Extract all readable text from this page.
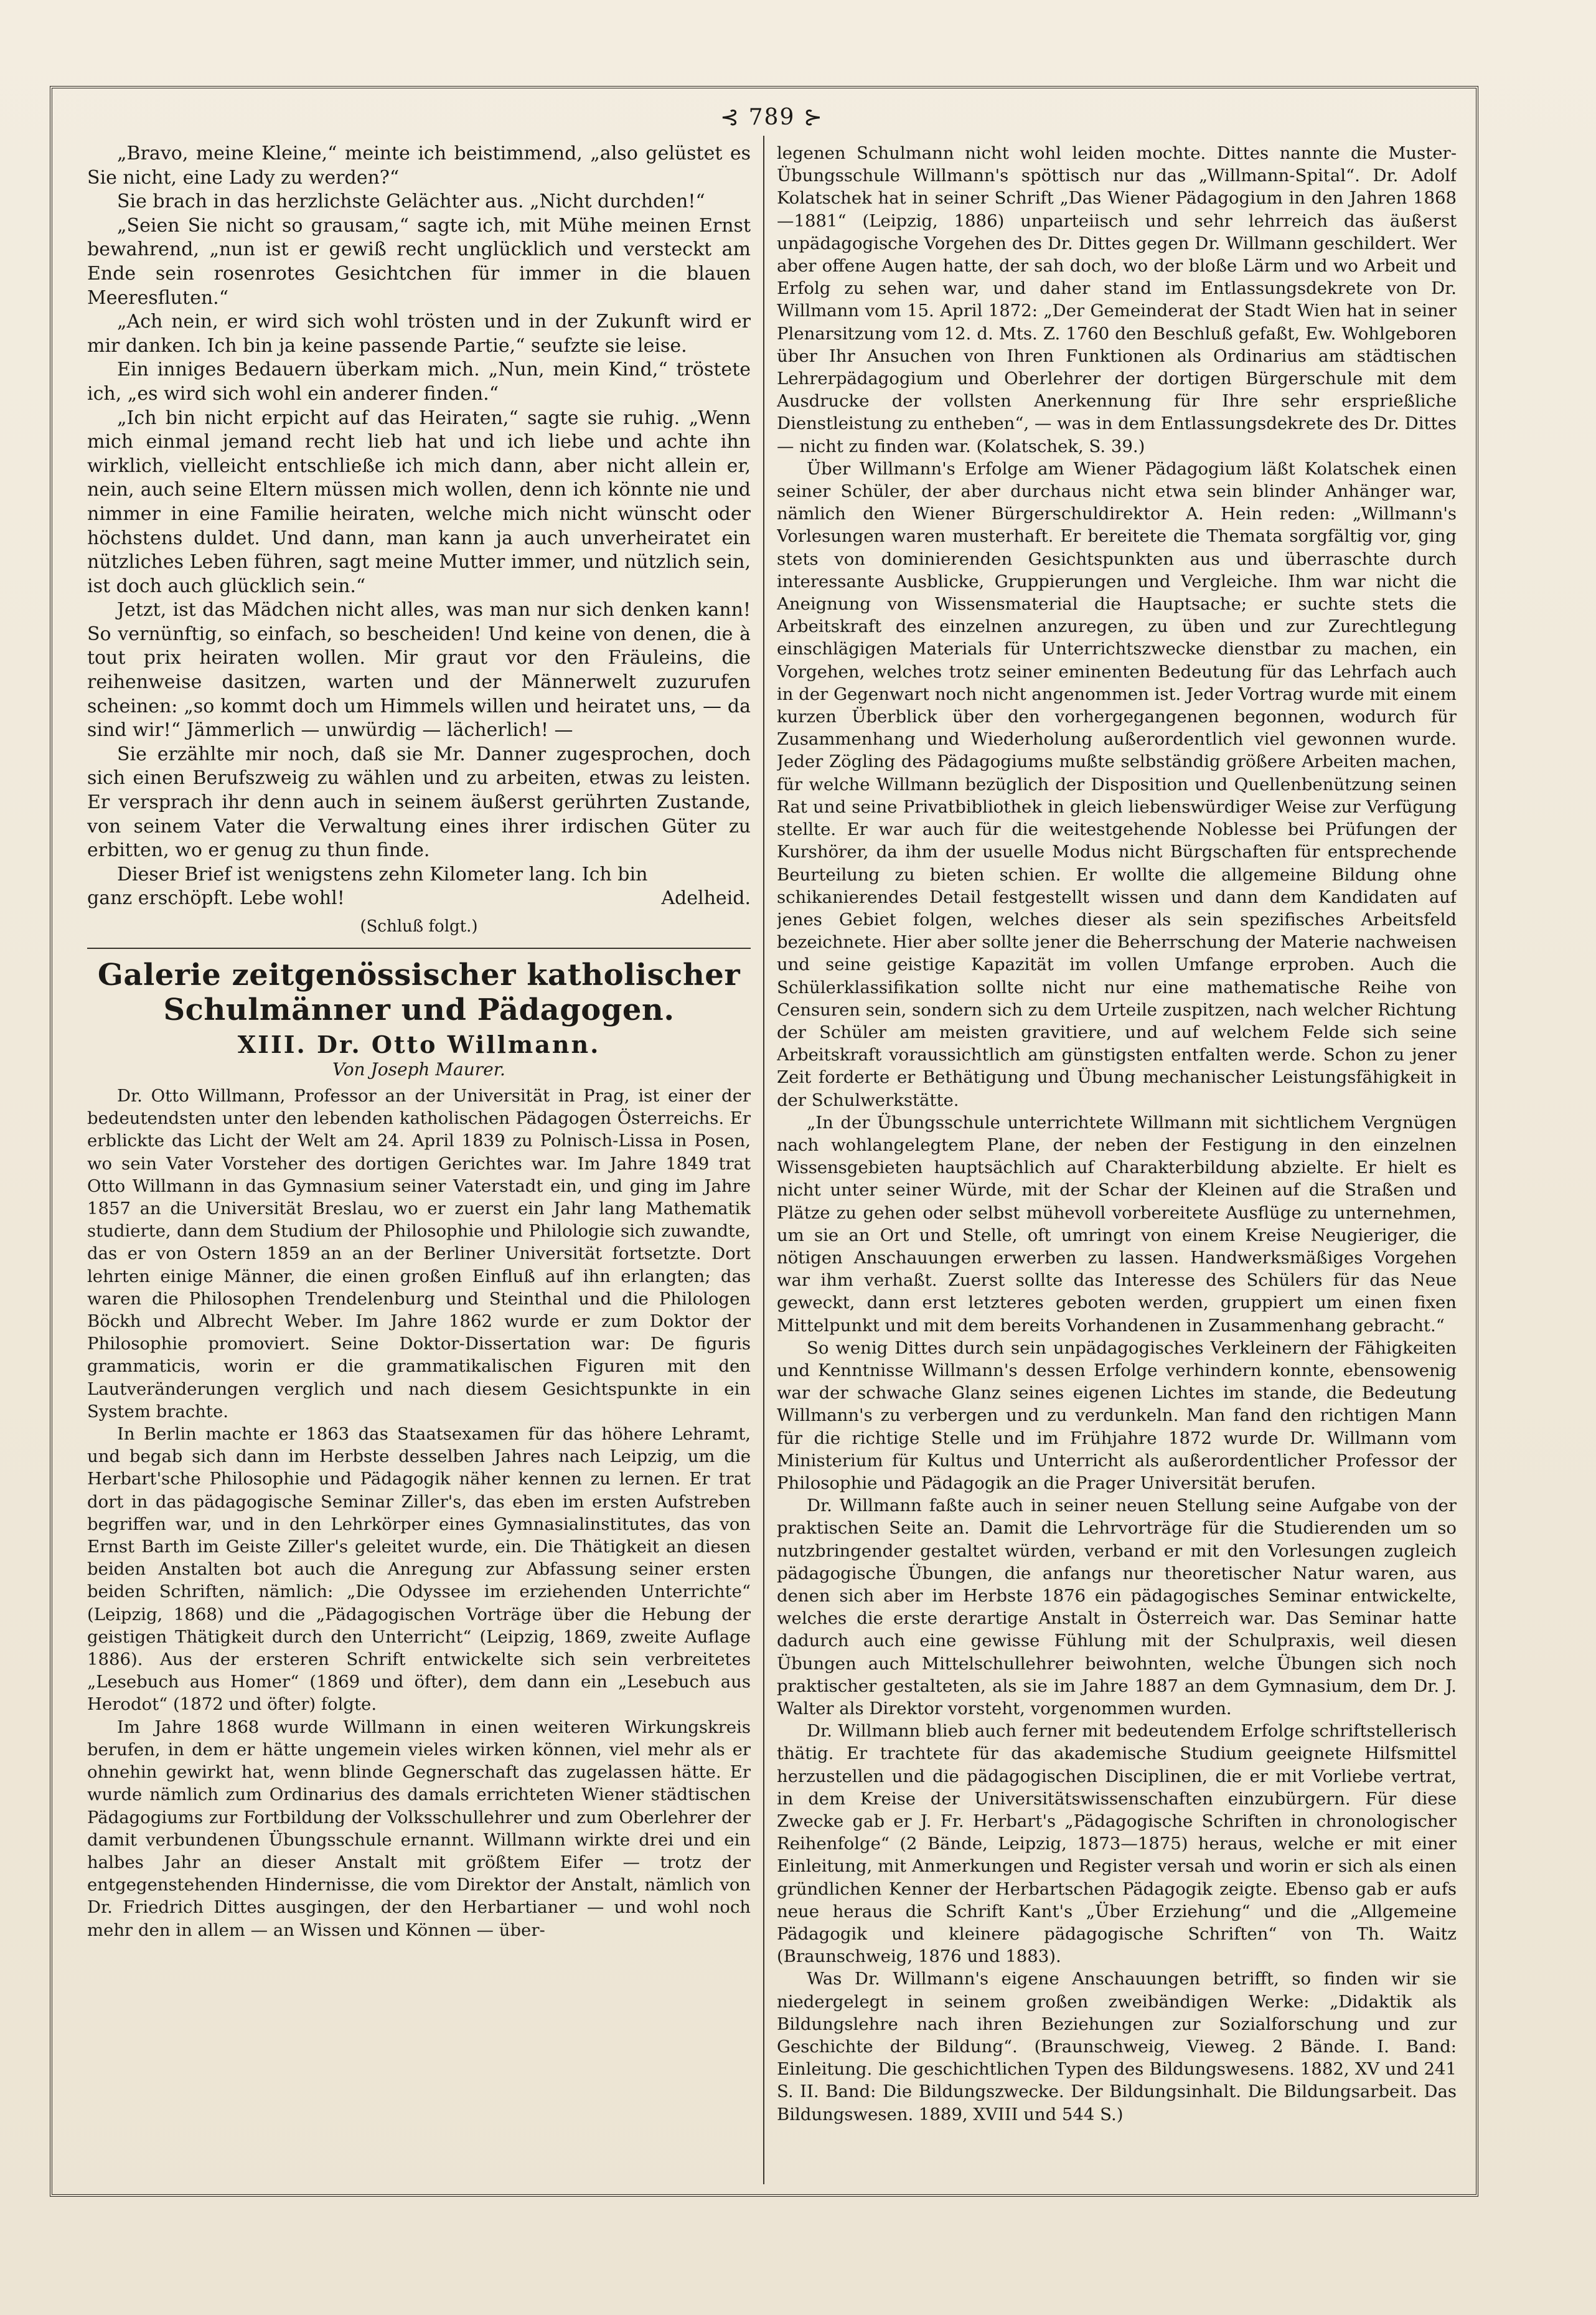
⊰ 789 ⊱

„Bravo, meine Kleine,“ meinte ich beistimmend, „also gelüstet es Sie nicht, eine Lady zu werden?“

Sie brach in das herzlichste Gelächter aus. „Nicht durchden!“

„Seien Sie nicht so grausam,“ sagte ich, mit Mühe meinen Ernst bewahrend, „nun ist er gewiß recht unglücklich und versteckt am Ende sein rosenrotes Gesichtchen für immer in die blauen Meeresfluten.“

„Ach nein, er wird sich wohl trösten und in der Zukunft wird er mir danken. Ich bin ja keine passende Partie,“ seufzte sie leise.

Ein inniges Bedauern überkam mich. „Nun, mein Kind,“ tröstete ich, „es wird sich wohl ein anderer finden.“

„Ich bin nicht erpicht auf das Heiraten,“ sagte sie ruhig. „Wenn mich einmal jemand recht lieb hat und ich liebe und achte ihn wirklich, vielleicht entschließe ich mich dann, aber nicht allein er, nein, auch seine Eltern müssen mich wollen, denn ich könnte nie und nimmer in eine Familie heiraten, welche mich nicht wünscht oder höchstens duldet. Und dann, man kann ja auch unverheiratet ein nützliches Leben führen, sagt meine Mutter immer, und nützlich sein, ist doch auch glücklich sein.“

Jetzt, ist das Mädchen nicht alles, was man nur sich denken kann! So vernünftig, so einfach, so bescheiden! Und keine von denen, die à tout prix heiraten wollen. Mir graut vor den Fräuleins, die reihenweise dasitzen, warten und der Männerwelt zuzurufen scheinen: „so kommt doch um Himmels willen und heiratet uns, — da sind wir!“ Jämmerlich — unwürdig — lächerlich! —

Sie erzählte mir noch, daß sie Mr. Danner zugesprochen, doch sich einen Berufszweig zu wählen und zu arbeiten, etwas zu leisten. Er versprach ihr denn auch in seinem äußerst gerührten Zustande, von seinem Vater die Verwaltung eines ihrer irdischen Güter zu erbitten, wo er genug zu thun finde.

Dieser Brief ist wenigstens zehn Kilometer lang. Ich bin

ganz erschöpft. Lebe wohl!	Adelheid.
(Schluß folgt.)
Galerie zeitgenössischer katholischer Schulmänner und Pädagogen.
XIII. Dr. Otto Willmann.
Von Joseph Maurer.

Dr. Otto Willmann, Professor an der Universität in Prag, ist einer der bedeutendsten unter den lebenden katholischen Pädagogen Österreichs. Er erblickte das Licht der Welt am 24. April 1839 zu Polnisch-Lissa in Posen, wo sein Vater Vorsteher des dortigen Gerichtes war. Im Jahre 1849 trat Otto Willmann in das Gymnasium seiner Vaterstadt ein, und ging im Jahre 1857 an die Universität Breslau, wo er zuerst ein Jahr lang Mathematik studierte, dann dem Studium der Philosophie und Philologie sich zuwandte, das er von Ostern 1859 an an der Berliner Universität fortsetzte. Dort lehrten einige Männer, die einen großen Einfluß auf ihn erlangten; das waren die Philosophen Trendelenburg und Steinthal und die Philologen Böckh und Albrecht Weber. Im Jahre 1862 wurde er zum Doktor der Philosophie promoviert. Seine Doktor-Dissertation war: De figuris grammaticis, worin er die grammatikalischen Figuren mit den Lautveränderungen verglich und nach diesem Gesichtspunkte in ein System brachte.

In Berlin machte er 1863 das Staatsexamen für das höhere Lehramt, und begab sich dann im Herbste desselben Jahres nach Leipzig, um die Herbart'sche Philosophie und Pädagogik näher kennen zu lernen. Er trat dort in das pädagogische Seminar Ziller's, das eben im ersten Aufstreben begriffen war, und in den Lehrkörper eines Gymnasialinstitutes, das von Ernst Barth im Geiste Ziller's geleitet wurde, ein. Die Thätigkeit an diesen beiden Anstalten bot auch die Anregung zur Abfassung seiner ersten beiden Schriften, nämlich: „Die Odyssee im erziehenden Unterrichte“ (Leipzig, 1868) und die „Pädagogischen Vorträge über die Hebung der geistigen Thätigkeit durch den Unterricht“ (Leipzig, 1869, zweite Auflage 1886). Aus der ersteren Schrift entwickelte sich sein verbreitetes „Lesebuch aus Homer“ (1869 und öfter), dem dann ein „Lesebuch aus Herodot“ (1872 und öfter) folgte.

Im Jahre 1868 wurde Willmann in einen weiteren Wirkungskreis berufen, in dem er hätte ungemein vieles wirken können, viel mehr als er ohnehin gewirkt hat, wenn blinde Gegnerschaft das zugelassen hätte. Er wurde nämlich zum Ordinarius des damals errichteten Wiener städtischen Pädagogiums zur Fortbildung der Volksschullehrer und zum Oberlehrer der damit verbundenen Übungsschule ernannt. Willmann wirkte drei und ein halbes Jahr an dieser Anstalt mit größtem Eifer — trotz der entgegenstehenden Hindernisse, die vom Direktor der Anstalt, nämlich von Dr. Friedrich Dittes ausgingen, der den Herbartianer — und wohl noch mehr den in allem — an Wissen und Können — über-

legenen Schulmann nicht wohl leiden mochte. Dittes nannte die Muster-Übungsschule Willmann's spöttisch nur das „Willmann-Spital“. Dr. Adolf Kolatschek hat in seiner Schrift „Das Wiener Pädagogium in den Jahren 1868—1881“ (Leipzig, 1886) unparteiisch und sehr lehrreich das äußerst unpädagogische Vorgehen des Dr. Dittes gegen Dr. Willmann geschildert. Wer aber offene Augen hatte, der sah doch, wo der bloße Lärm und wo Arbeit und Erfolg zu sehen war, und daher stand im Entlassungsdekrete von Dr. Willmann vom 15. April 1872: „Der Gemeinderat der Stadt Wien hat in seiner Plenarsitzung vom 12. d. Mts. Z. 1760 den Beschluß gefaßt, Ew. Wohlgeboren über Ihr Ansuchen von Ihren Funktionen als Ordinarius am städtischen Lehrerpädagogium und Oberlehrer der dortigen Bürgerschule mit dem Ausdrucke der vollsten Anerkennung für Ihre sehr ersprießliche Dienstleistung zu entheben“, — was in dem Entlassungsdekrete des Dr. Dittes — nicht zu finden war. (Kolatschek, S. 39.)

Über Willmann's Erfolge am Wiener Pädagogium läßt Kolatschek einen seiner Schüler, der aber durchaus nicht etwa sein blinder Anhänger war, nämlich den Wiener Bürgerschuldirektor A. Hein reden: „Willmann's Vorlesungen waren musterhaft. Er bereitete die Themata sorgfältig vor, ging stets von dominierenden Gesichtspunkten aus und überraschte durch interessante Ausblicke, Gruppierungen und Vergleiche. Ihm war nicht die Aneignung von Wissensmaterial die Hauptsache; er suchte stets die Arbeitskraft des einzelnen anzuregen, zu üben und zur Zurechtlegung einschlägigen Materials für Unterrichtszwecke dienstbar zu machen, ein Vorgehen, welches trotz seiner eminenten Bedeutung für das Lehrfach auch in der Gegenwart noch nicht angenommen ist. Jeder Vortrag wurde mit einem kurzen Überblick über den vorhergegangenen begonnen, wodurch für Zusammenhang und Wiederholung außerordentlich viel gewonnen wurde. Jeder Zögling des Pädagogiums mußte selbständig größere Arbeiten machen, für welche Willmann bezüglich der Disposition und Quellenbenützung seinen Rat und seine Privatbibliothek in gleich liebenswürdiger Weise zur Verfügung stellte. Er war auch für die weitestgehende Noblesse bei Prüfungen der Kurshörer, da ihm der usuelle Modus nicht Bürgschaften für entsprechende Beurteilung zu bieten schien. Er wollte die allgemeine Bildung ohne schikanierendes Detail festgestellt wissen und dann dem Kandidaten auf jenes Gebiet folgen, welches dieser als sein spezifisches Arbeitsfeld bezeichnete. Hier aber sollte jener die Beherrschung der Materie nachweisen und seine geistige Kapazität im vollen Umfange erproben. Auch die Schülerklassifikation sollte nicht nur eine mathematische Reihe von Censuren sein, sondern sich zu dem Urteile zuspitzen, nach welcher Richtung der Schüler am meisten gravitiere, und auf welchem Felde sich seine Arbeitskraft voraussichtlich am günstigsten entfalten werde. Schon zu jener Zeit forderte er Bethätigung und Übung mechanischer Leistungsfähigkeit in der Schulwerkstätte.

„In der Übungsschule unterrichtete Willmann mit sichtlichem Vergnügen nach wohlangelegtem Plane, der neben der Festigung in den einzelnen Wissensgebieten hauptsächlich auf Charakterbildung abzielte. Er hielt es nicht unter seiner Würde, mit der Schar der Kleinen auf die Straßen und Plätze zu gehen oder selbst mühevoll vorbereitete Ausflüge zu unternehmen, um sie an Ort und Stelle, oft umringt von einem Kreise Neugieriger, die nötigen Anschauungen erwerben zu lassen. Handwerksmäßiges Vorgehen war ihm verhaßt. Zuerst sollte das Interesse des Schülers für das Neue geweckt, dann erst letzteres geboten werden, gruppiert um einen fixen Mittelpunkt und mit dem bereits Vorhandenen in Zusammenhang gebracht.“

So wenig Dittes durch sein unpädagogisches Verkleinern der Fähigkeiten und Kenntnisse Willmann's dessen Erfolge verhindern konnte, ebensowenig war der schwache Glanz seines eigenen Lichtes im stande, die Bedeutung Willmann's zu verbergen und zu verdunkeln. Man fand den richtigen Mann für die richtige Stelle und im Frühjahre 1872 wurde Dr. Willmann vom Ministerium für Kultus und Unterricht als außerordentlicher Professor der Philosophie und Pädagogik an die Prager Universität berufen.

Dr. Willmann faßte auch in seiner neuen Stellung seine Aufgabe von der praktischen Seite an. Damit die Lehrvorträge für die Studierenden um so nutzbringender gestaltet würden, verband er mit den Vorlesungen zugleich pädagogische Übungen, die anfangs nur theoretischer Natur waren, aus denen sich aber im Herbste 1876 ein pädagogisches Seminar entwickelte, welches die erste derartige Anstalt in Österreich war. Das Seminar hatte dadurch auch eine gewisse Fühlung mit der Schulpraxis, weil diesen Übungen auch Mittelschullehrer beiwohnten, welche Übungen sich noch praktischer gestalteten, als sie im Jahre 1887 an dem Gymnasium, dem Dr. J. Walter als Direktor vorsteht, vorgenommen wurden.

Dr. Willmann blieb auch ferner mit bedeutendem Erfolge schriftstellerisch thätig. Er trachtete für das akademische Studium geeignete Hilfsmittel herzustellen und die pädagogischen Disciplinen, die er mit Vorliebe vertrat, in dem Kreise der Universitätswissenschaften einzubürgern. Für diese Zwecke gab er J. Fr. Herbart's „Pädagogische Schriften in chronologischer Reihenfolge“ (2 Bände, Leipzig, 1873—1875) heraus, welche er mit einer Einleitung, mit Anmerkungen und Register versah und worin er sich als einen gründlichen Kenner der Herbartschen Pädagogik zeigte. Ebenso gab er aufs neue heraus die Schrift Kant's „Über Erziehung“ und die „Allgemeine Pädagogik und kleinere pädagogische Schriften“ von Th. Waitz (Braunschweig, 1876 und 1883).

Was Dr. Willmann's eigene Anschauungen betrifft, so finden wir sie niedergelegt in seinem großen zweibändigen Werke: „Didaktik als Bildungslehre nach ihren Beziehungen zur Sozialforschung und zur Geschichte der Bildung“. (Braunschweig, Vieweg. 2 Bände. I. Band: Einleitung. Die geschichtlichen Typen des Bildungswesens. 1882, XV und 241 S. II. Band: Die Bildungszwecke. Der Bildungsinhalt. Die Bildungsarbeit. Das Bildungswesen. 1889, XVIII und 544 S.)
